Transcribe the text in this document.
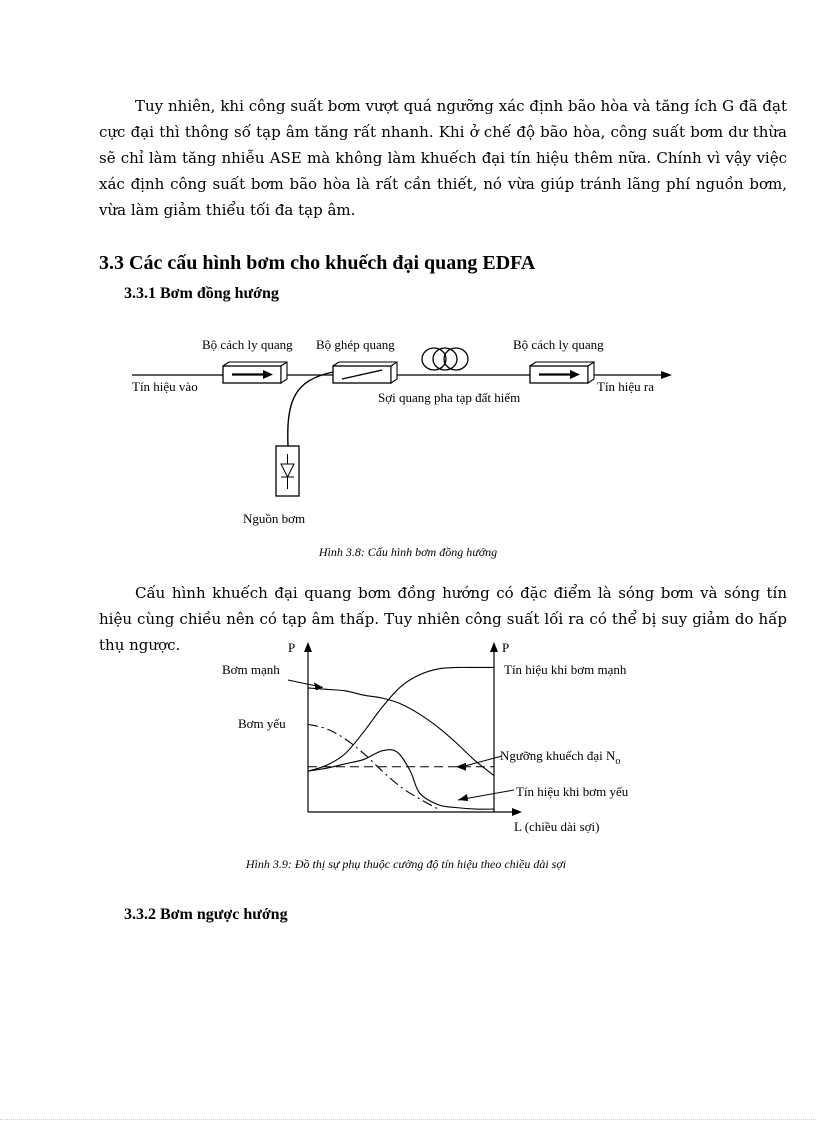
Tuy nhiên, khi công suất bơm vượt quá ngưỡng xác định bão hòa và tăng ích G đã đạt cực đại thì thông số tạp âm tăng rất nhanh. Khi ở chế độ bão hòa, công suất bơm dư thừa sẽ chỉ làm tăng nhiễu ASE mà không làm khuếch đại tín hiệu thêm nữa. Chính vì vậy việc xác định công suất bơm bão hòa là rất cần thiết, nó vừa giúp tránh lãng phí nguồn bơm, vừa làm giảm thiểu tối đa tạp âm.

3.3 Các cấu hình bơm cho khuếch đại quang EDFA
3.3.1 Bơm đồng hướng
Bộ cách ly quang Bộ ghép quang	Bộ cách ly quang
Tín hiệu vào
Sợi quang pha tạp đất hiếm
Tín hiệu ra
Nguồn bơm

Hình 3.8: Cấu hình bơm đồng hướng

Cấu hình khuếch đại quang bơm đồng hướng có đặc điểm là sóng bơm và sóng tín hiệu cùng chiều nên có tạp âm thấp. Tuy nhiên công suất lối ra có thể bị suy giảm do hấp thụ ngược.	P	P
L (chiều dài sợi)
Bơm mạnh
Bơm yếu
Tín hiệu khi bơm mạnh
Tín hiệu khi bơm yếu
Ngưỡng khuếch đại $N_o$

Hình 3.9: Đồ thị sự phụ thuộc cường độ tín hiệu theo chiều dài sợi

3.3.2 Bơm ngược hướng
